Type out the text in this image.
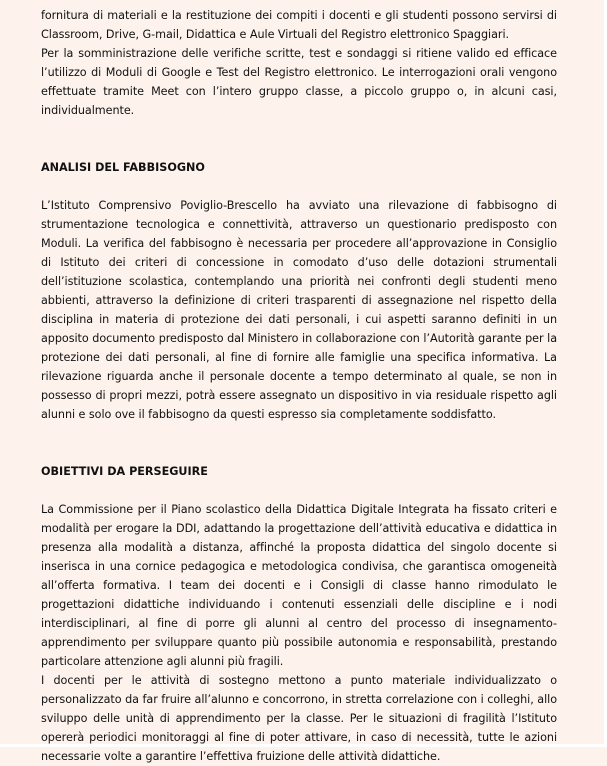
fornitura di materiali e la restituzione dei compiti i docenti e gli studenti possono servirsi di Classroom, Drive, G-mail, Didattica e Aule Virtuali del Registro elettronico Spaggiari.

Per la somministrazione delle verifiche scritte, test e sondaggi si ritiene valido ed efficace l’utilizzo di Moduli di Google e Test del Registro elettronico. Le interrogazioni orali vengono effettuate tramite Meet con l’intero gruppo classe, a piccolo gruppo o, in alcuni casi, individualmente.

ANALISI DEL FABBISOGNO

L’Istituto Comprensivo Poviglio-Brescello ha avviato una rilevazione di fabbisogno di strumentazione tecnologica e connettività, attraverso un questionario predisposto con Moduli. La verifica del fabbisogno è necessaria per procedere all’approvazione in Consiglio di Istituto dei criteri di concessione in comodato d’uso delle dotazioni strumentali dell’istituzione scolastica, contemplando una priorità nei confronti degli studenti meno abbienti, attraverso la definizione di criteri trasparenti di assegnazione nel rispetto della disciplina in materia di protezione dei dati personali, i cui aspetti saranno definiti in un apposito documento predisposto dal Ministero in collaborazione con l’Autorità garante per la protezione dei dati personali, al fine di fornire alle famiglie una specifica informativa. La rilevazione riguarda anche il personale docente a tempo determinato al quale, se non in possesso di propri mezzi, potrà essere assegnato un dispositivo in via residuale rispetto agli alunni e solo ove il fabbisogno da questi espresso sia completamente soddisfatto.

OBIETTIVI DA PERSEGUIRE

La Commissione per il Piano scolastico della Didattica Digitale Integrata ha fissato criteri e modalità per erogare la DDI, adattando la progettazione dell’attività educativa e didattica in presenza alla modalità a distanza, affinché la proposta didattica del singolo docente si inserisca in una cornice pedagogica e metodologica condivisa, che garantisca omogeneità all’offerta formativa. I team dei docenti e i Consigli di classe hanno rimodulato le progettazioni didattiche individuando i contenuti essenziali delle discipline e i nodi interdisciplinari, al fine di porre gli alunni al centro del processo di insegnamento-apprendimento per sviluppare quanto più possibile autonomia e responsabilità, prestando particolare attenzione agli alunni più fragili.

I docenti per le attività di sostegno mettono a punto materiale individualizzato o personalizzato da far fruire all’alunno e concorrono, in stretta correlazione con i colleghi, allo sviluppo delle unità di apprendimento per la classe. Per le situazioni di fragilità l’Istituto opererà periodici monitoraggi al fine di poter attivare, in caso di necessità, tutte le azioni necessarie volte a garantire l’effettiva fruizione delle attività didattiche.
